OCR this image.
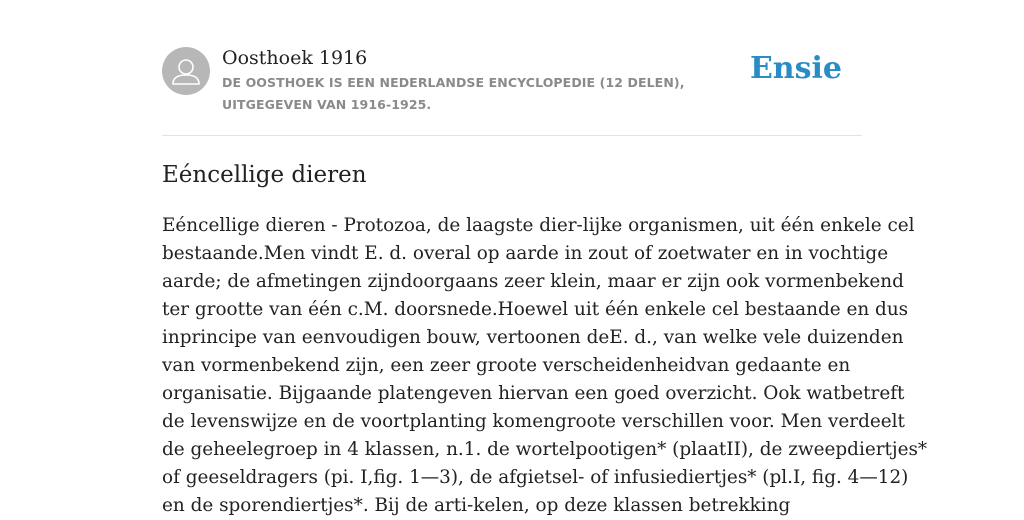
Oosthoek 1916
DE OOSTHOEK IS EEN NEDERLANDSE ENCYCLOPEDIE (12 DELEN), UITGEGEVEN VAN 1916-1925.
Ensie
Eéncellige dieren
Eéncellige dieren - Protozoa, de laagste dier-lijke organismen, uit één enkele cel
bestaande.Men vindt E. d. overal op aarde in zout of zoetwater en in vochtige
aarde; de afmetingen zijndoorgaans zeer klein, maar er zijn ook vormenbekend
ter grootte van één c.M. doorsnede.Hoewel uit één enkele cel bestaande en dus
inprincipe van eenvoudigen bouw, vertoonen deE. d., van welke vele duizenden
van vormenbekend zijn, een zeer groote verscheidenheidvan gedaante en
organisatie. Bijgaande platengeven hiervan een goed overzicht. Ook watbetreft
de levenswijze en de voortplanting komengroote verschillen voor. Men verdeelt
de geheelegroep in 4 klassen, n.1. de wortelpootigen* (plaatII), de zweepdiertjes*
of geeseldragers (pi. I,fig. 1—3), de afgietsel- of infusiediertjes* (pl.I, fig. 4—12)
en de sporendiertjes*. Bij de arti-kelen, op deze klassen betrekking
